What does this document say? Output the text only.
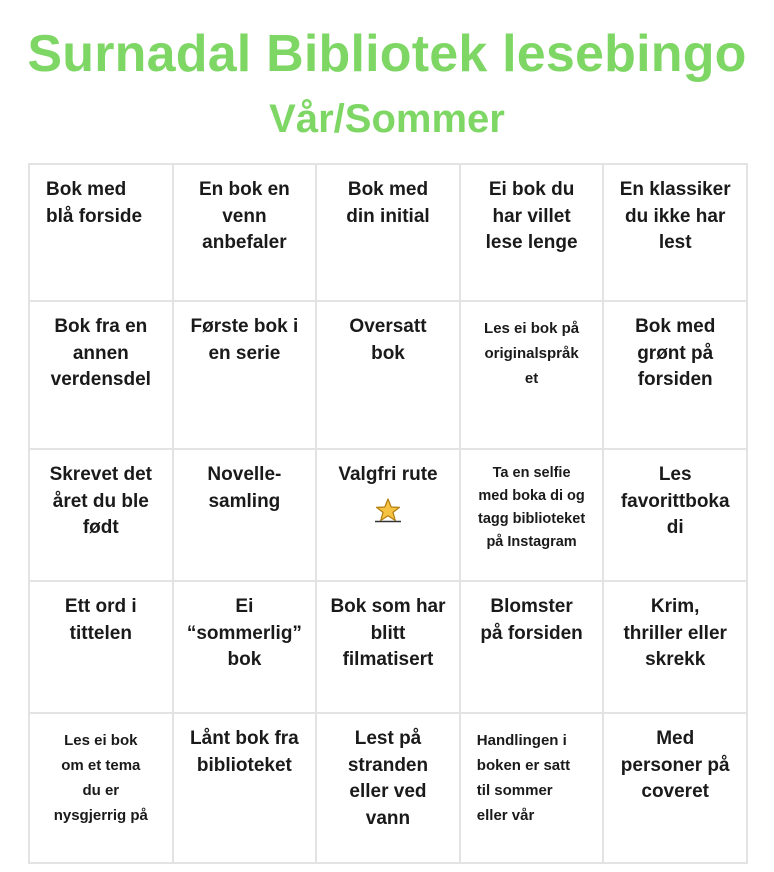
Surnadal Bibliotek lesebingo
Vår/Sommer
Bok med
blå forside	En bok en
venn
anbefaler	Bok med
din initial	Ei bok du
har villet
lese lenge	En klassiker
du ikke har
lest

Bok fra en
annen
verdensdel	Første bok i
en serie	Oversatt
bok	Les ei bok på
originalspråk
et	Bok med
grønt på
forsiden

Skrevet det
året du ble
født	Novelle-
samling	Valgfri rute	Ta en selfie
med boka di og
tagg biblioteket
på Instagram	Les
favorittboka
di

Ett ord i
tittelen	Ei
“sommerlig”
bok	Bok som har
blitt
filmatisert	Blomster
på forsiden	Krim,
thriller eller
skrekk

Les ei bok
om et tema
du er
nysgjerrig på	Lånt bok fra
biblioteket	Lest på
stranden
eller ved
vann	Handlingen i
boken er satt
til sommer
eller vår	Med
personer på
coveret
